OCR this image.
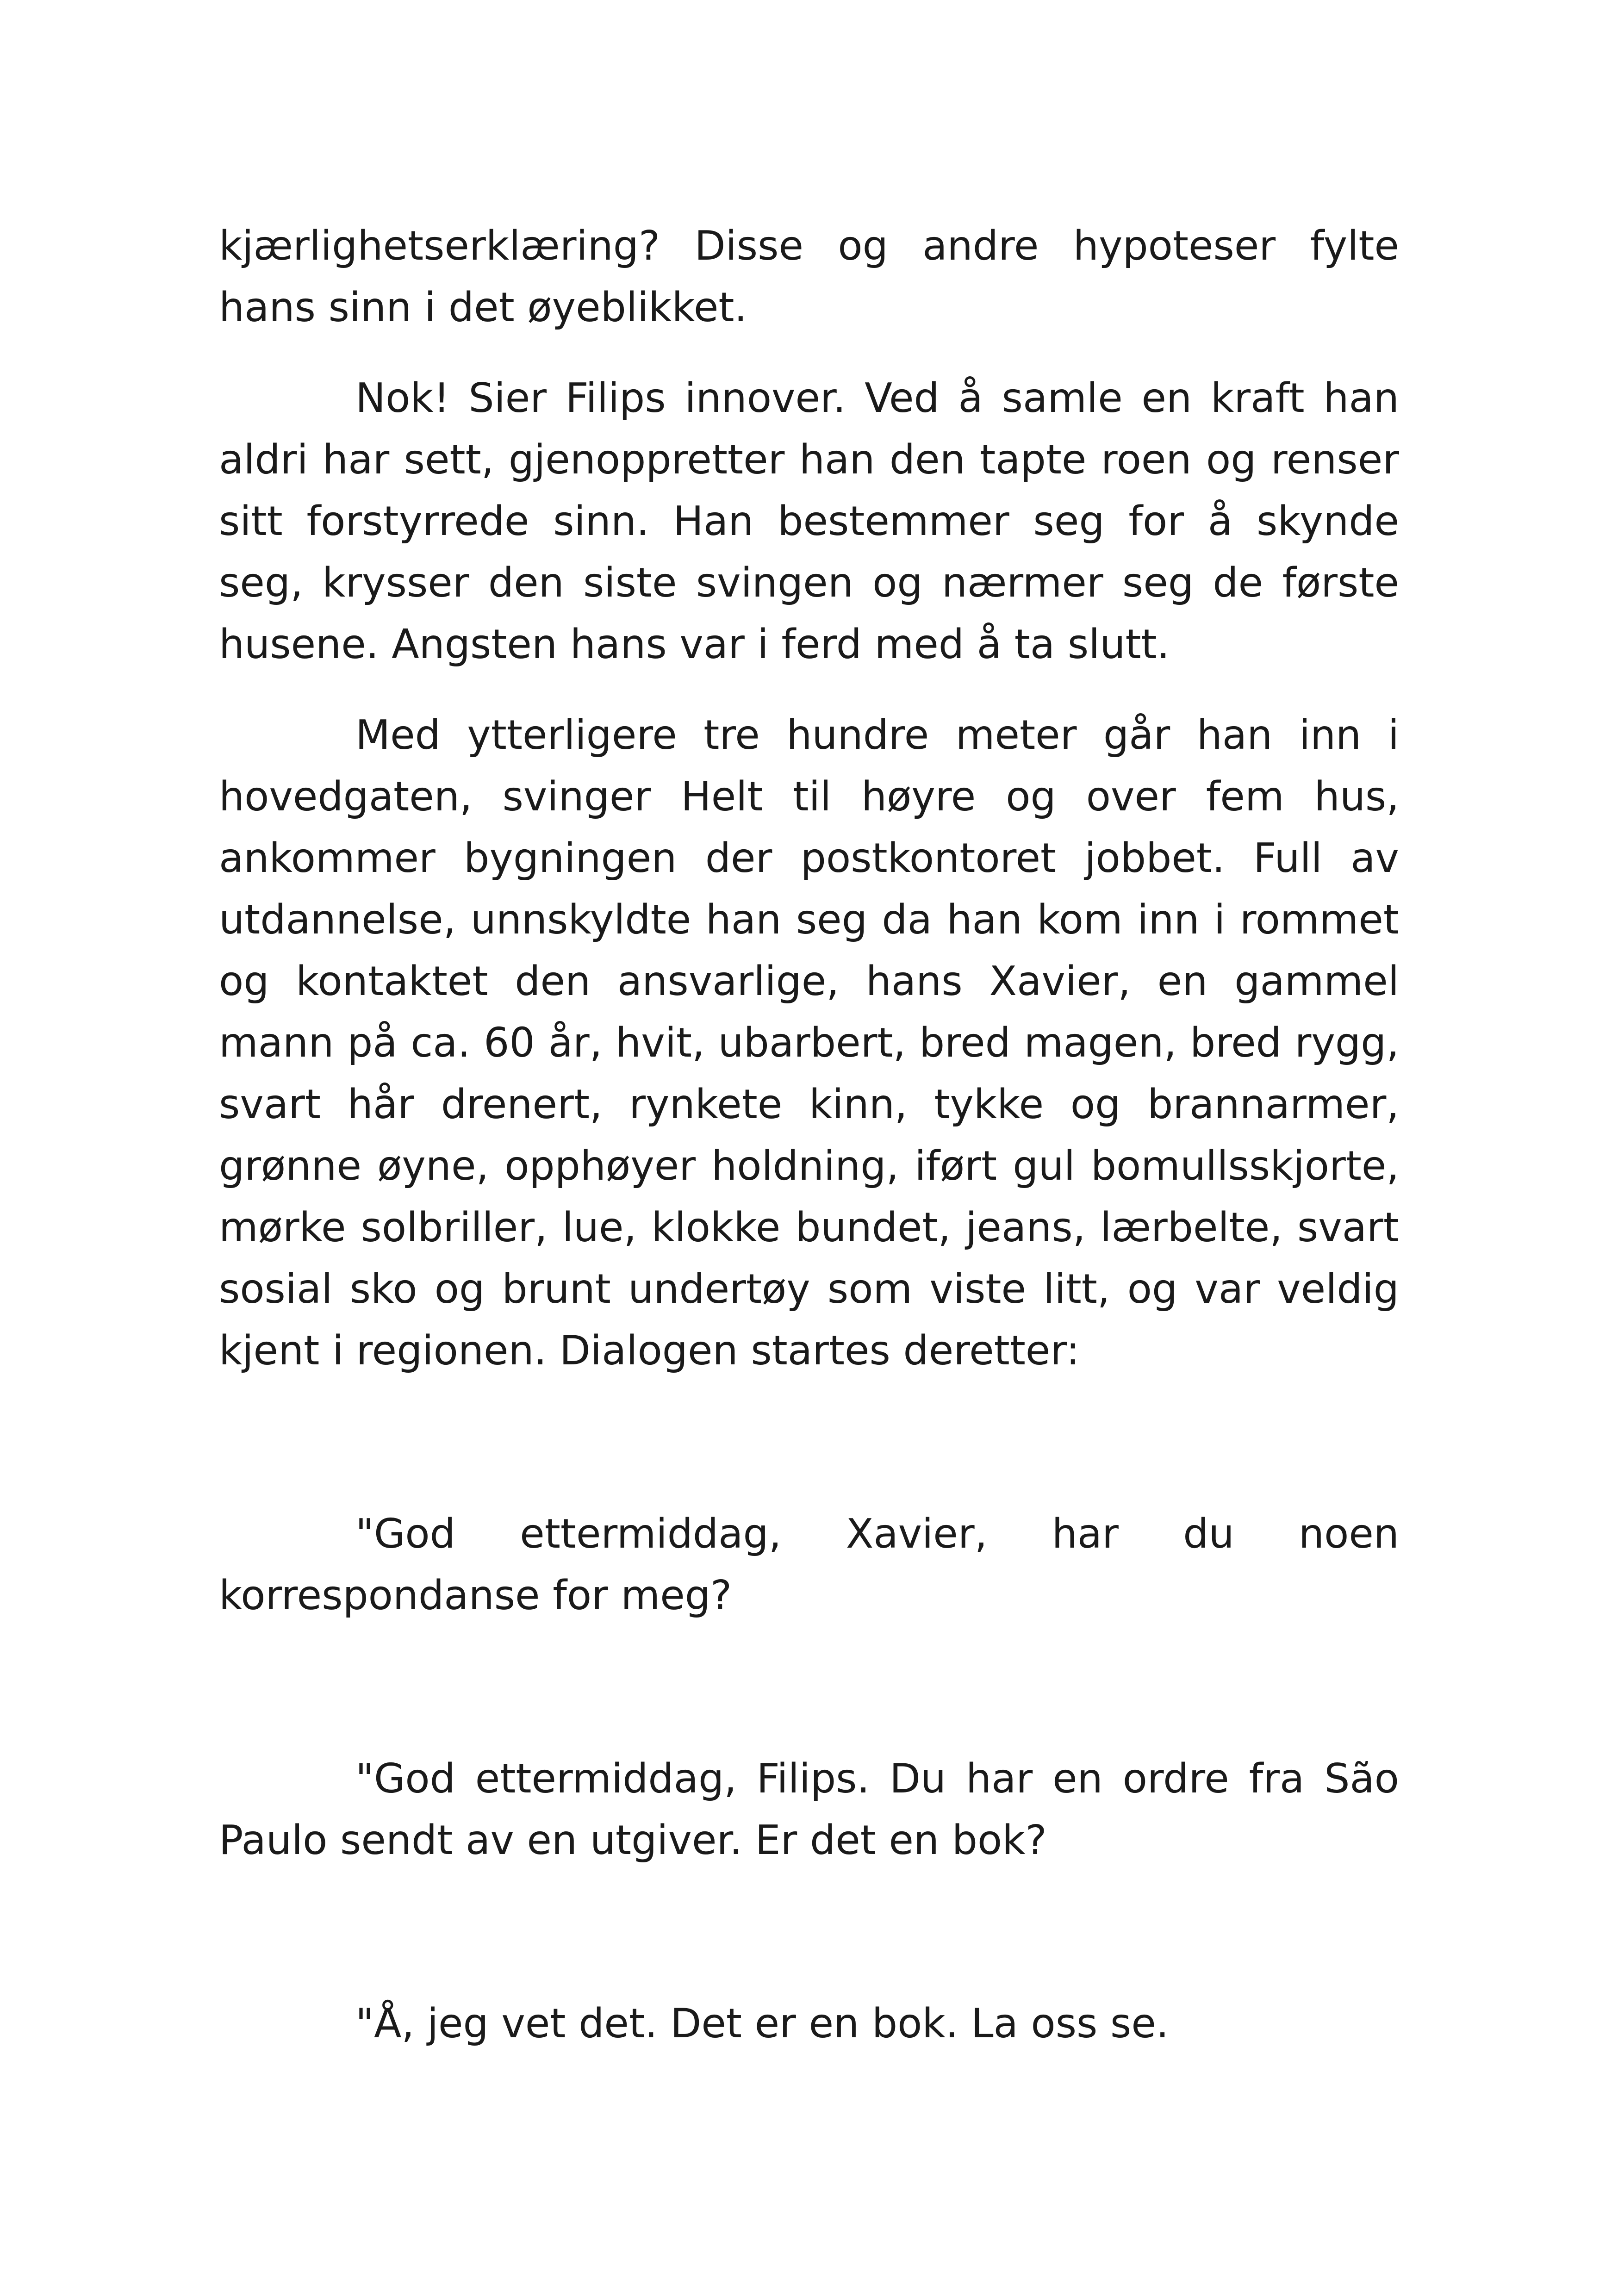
kjærlighetserklæring? Disse og andre hypoteser fylte hans sinn i det øyeblikket.

Nok! Sier Filips innover. Ved å samle en kraft han aldri har sett, gjenoppretter han den tapte roen og renser sitt forstyrrede sinn. Han bestemmer seg for å skynde seg, krysser den siste svingen og nærmer seg de første husene. Angsten hans var i ferd med å ta slutt.

Med ytterligere tre hundre meter går han inn i hovedgaten, svinger Helt til høyre og over fem hus, ankommer bygningen der postkontoret jobbet. Full av utdannelse, unnskyldte han seg da han kom inn i rommet og kontaktet den ansvarlige, hans Xavier, en gammel mann på ca. 60 år, hvit, ubarbert, bred magen, bred rygg, svart hår drenert, rynkete kinn, tykke og brannarmer, grønne øyne, opphøyer holdning, iført gul bomullsskjorte, mørke solbriller, lue, klokke bundet, jeans, lærbelte, svart sosial sko og brunt undertøy som viste litt, og var veldig kjent i regionen. Dialogen startes deretter:

"God ettermiddag, Xavier, har du noen korrespondanse for meg?

"God ettermiddag, Filips. Du har en ordre fra São Paulo sendt av en utgiver. Er det en bok?

"Å, jeg vet det. Det er en bok. La oss se.
